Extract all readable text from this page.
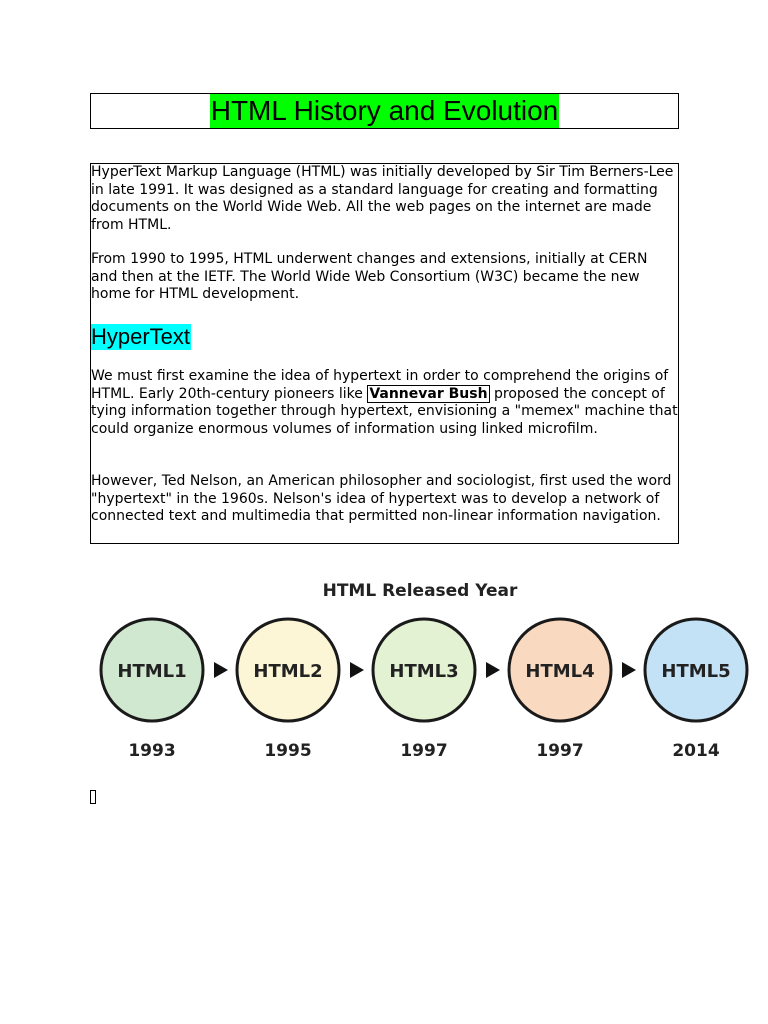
HTML History and Evolution

HyperText Markup Language (HTML) was initially developed by Sir Tim Berners-Lee in late 1991. It was designed as a standard language for creating and formatting documents on the World Wide Web. All the web pages on the internet are made from HTML.

From 1990 to 1995, HTML underwent changes and extensions, initially at CERN and then at the IETF. The World Wide Web Consortium (W3C) became the new home for HTML development.

HyperText

We must first examine the idea of hypertext in order to comprehend the origins of HTML. Early 20th-century pioneers like Vannevar Bush proposed the concept of tying information together through hypertext, envisioning a "memex" machine that could organize enormous volumes of information using linked microfilm.

However, Ted Nelson, an American philosopher and sociologist, first used the word "hypertext" in the 1960s. Nelson's idea of hypertext was to develop a network of connected text and multimedia that permitted non-linear information navigation.

HTML Released Year
HTML1
1993
HTML2
1995
HTML3
1997
HTML4
1997
HTML5
2014
